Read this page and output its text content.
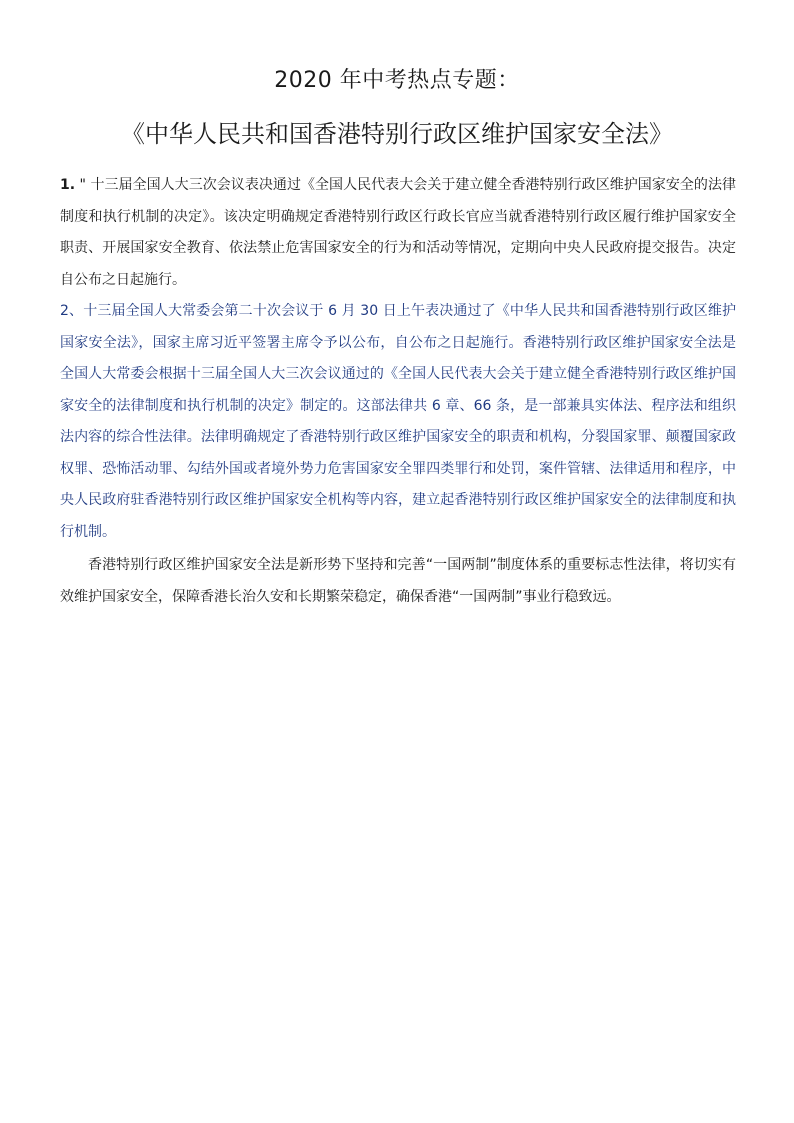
2020 年中考热点专题：
《中华人民共和国香港特别行政区维护国家安全法》

1. " 十三届全国人大三次会议表决通过《全国人民代表大会关于建立健全香港特别行政区维护国家安全的法律制度和执行机制的决定》。该决定明确规定香港特别行政区行政长官应当就香港特别行政区履行维护国家安全职责、开展国家安全教育、依法禁止危害国家安全的行为和活动等情况，定期向中央人民政府提交报告。决定自公布之日起施行。

2、十三届全国人大常委会第二十次会议于 6 月 30 日上午表决通过了《中华人民共和国香港特别行政区维护国家安全法》，国家主席习近平签署主席令予以公布，自公布之日起施行。香港特别行政区维护国家安全法是全国人大常委会根据十三届全国人大三次会议通过的《全国人民代表大会关于建立健全香港特别行政区维护国家安全的法律制度和执行机制的决定》制定的。这部法律共 6 章、66 条，是一部兼具实体法、程序法和组织法内容的综合性法律。法律明确规定了香港特别行政区维护国家安全的职责和机构，分裂国家罪、颠覆国家政权罪、恐怖活动罪、勾结外国或者境外势力危害国家安全罪四类罪行和处罚，案件管辖、法律适用和程序，中央人民政府驻香港特别行政区维护国家安全机构等内容，建立起香港特别行政区维护国家安全的法律制度和执行机制。

香港特别行政区维护国家安全法是新形势下坚持和完善“一国两制”制度体系的重要标志性法律，将切实有效维护国家安全，保障香港长治久安和长期繁荣稳定，确保香港“一国两制”事业行稳致远。
